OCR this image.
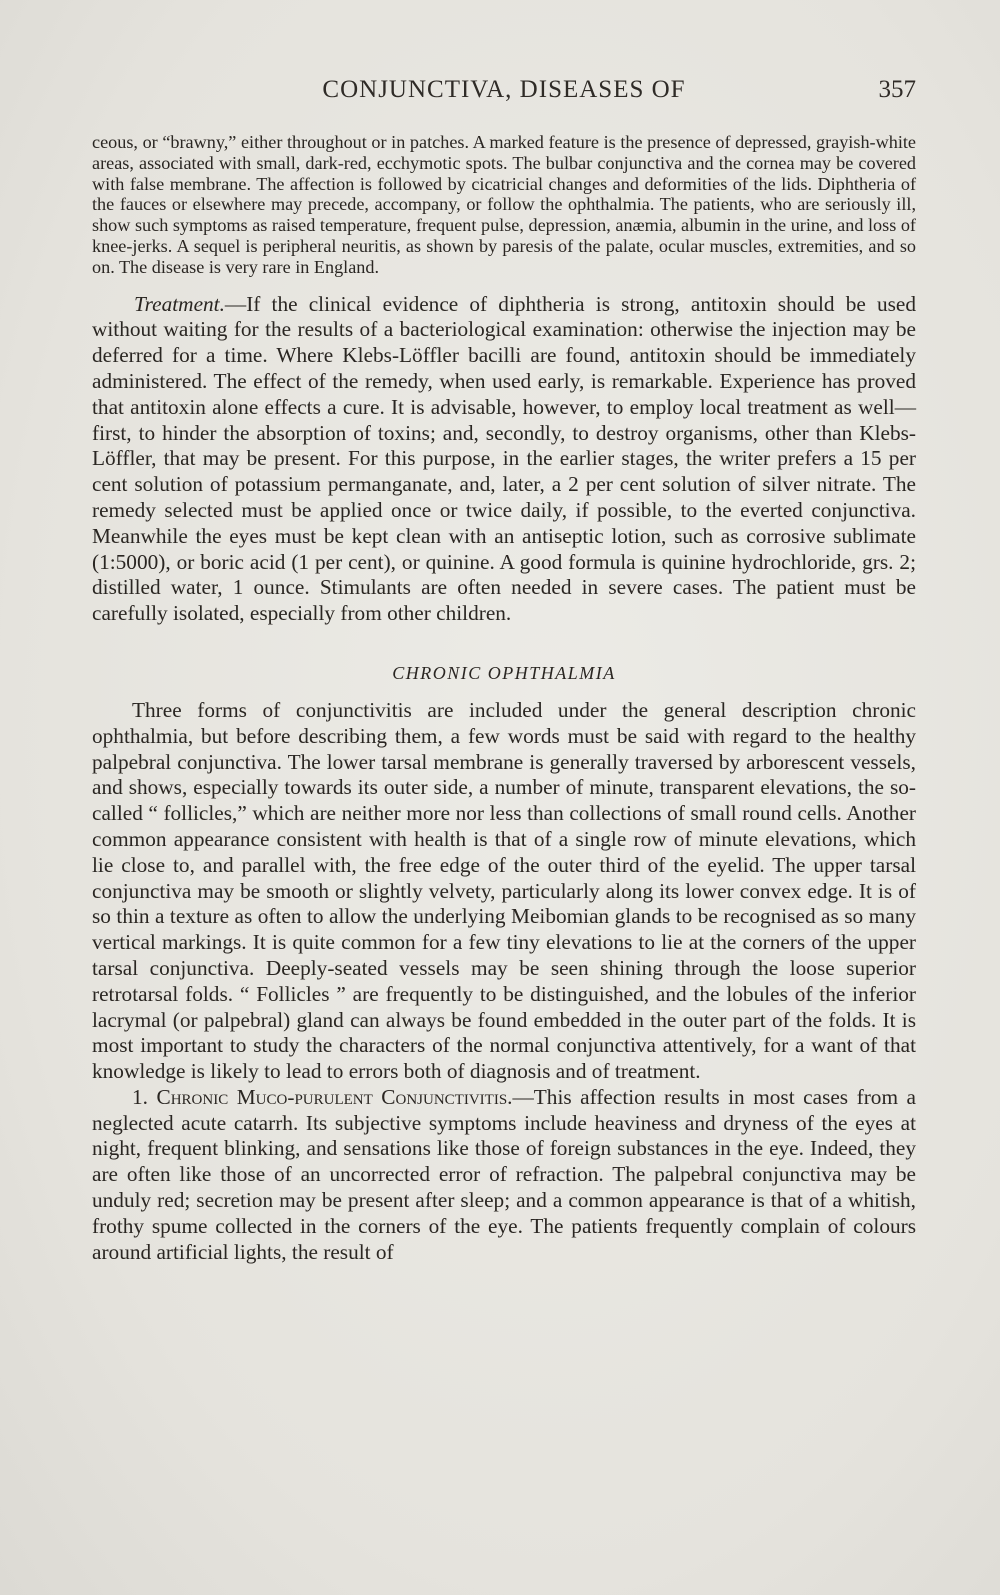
CONJUNCTIVA, DISEASES OF	357

ceous, or “brawny,” either throughout or in patches. A marked feature is the presence of depressed, grayish-white areas, associated with small, dark-red, ecchymotic spots. The bulbar conjunctiva and the cornea may be covered with false membrane. The affection is followed by cicatricial changes and deformities of the lids. Diphtheria of the fauces or elsewhere may precede, accompany, or follow the ophthalmia. The patients, who are seriously ill, show such symptoms as raised temperature, frequent pulse, depression, anæmia, albumin in the urine, and loss of knee-jerks. A sequel is peripheral neuritis, as shown by paresis of the palate, ocular muscles, extremities, and so on. The disease is very rare in England.

Treatment.—If the clinical evidence of diphtheria is strong, antitoxin should be used without waiting for the results of a bacteriological examination: otherwise the injection may be deferred for a time. Where Klebs-Löffler bacilli are found, antitoxin should be immediately administered. The effect of the remedy, when used early, is remarkable. Experience has proved that antitoxin alone effects a cure. It is advisable, however, to employ local treatment as well—first, to hinder the absorption of toxins; and, secondly, to destroy organisms, other than Klebs-Löffler, that may be present. For this purpose, in the earlier stages, the writer prefers a 15 per cent solution of potassium permanganate, and, later, a 2 per cent solution of silver nitrate. The remedy selected must be applied once or twice daily, if possible, to the everted conjunctiva. Meanwhile the eyes must be kept clean with an antiseptic lotion, such as corrosive sublimate (1:5000), or boric acid (1 per cent), or quinine. A good formula is quinine hydrochloride, grs. 2; distilled water, 1 ounce. Stimulants are often needed in severe cases. The patient must be carefully isolated, especially from other children.

CHRONIC OPHTHALMIA

Three forms of conjunctivitis are included under the general description chronic ophthalmia, but before describing them, a few words must be said with regard to the healthy palpebral conjunctiva. The lower tarsal membrane is generally traversed by arborescent vessels, and shows, especially towards its outer side, a number of minute, transparent elevations, the so-called “ follicles,” which are neither more nor less than collections of small round cells. Another common appearance consistent with health is that of a single row of minute elevations, which lie close to, and parallel with, the free edge of the outer third of the eyelid. The upper tarsal conjunctiva may be smooth or slightly velvety, particularly along its lower convex edge. It is of so thin a texture as often to allow the underlying Meibomian glands to be recognised as so many vertical markings. It is quite common for a few tiny elevations to lie at the corners of the upper tarsal conjunctiva. Deeply-seated vessels may be seen shining through the loose superior retrotarsal folds. “ Follicles ” are frequently to be distinguished, and the lobules of the inferior lacrymal (or palpebral) gland can always be found embedded in the outer part of the folds. It is most important to study the characters of the normal conjunctiva attentively, for a want of that knowledge is likely to lead to errors both of diagnosis and of treatment.

1. Chronic Muco-purulent Conjunctivitis.—This affection results in most cases from a neglected acute catarrh. Its subjective symptoms include heaviness and dryness of the eyes at night, frequent blinking, and sensations like those of foreign substances in the eye. Indeed, they are often like those of an uncorrected error of refraction. The palpebral conjunctiva may be unduly red; secretion may be present after sleep; and a common appearance is that of a whitish, frothy spume collected in the corners of the eye. The patients frequently complain of colours around artificial lights, the result of
